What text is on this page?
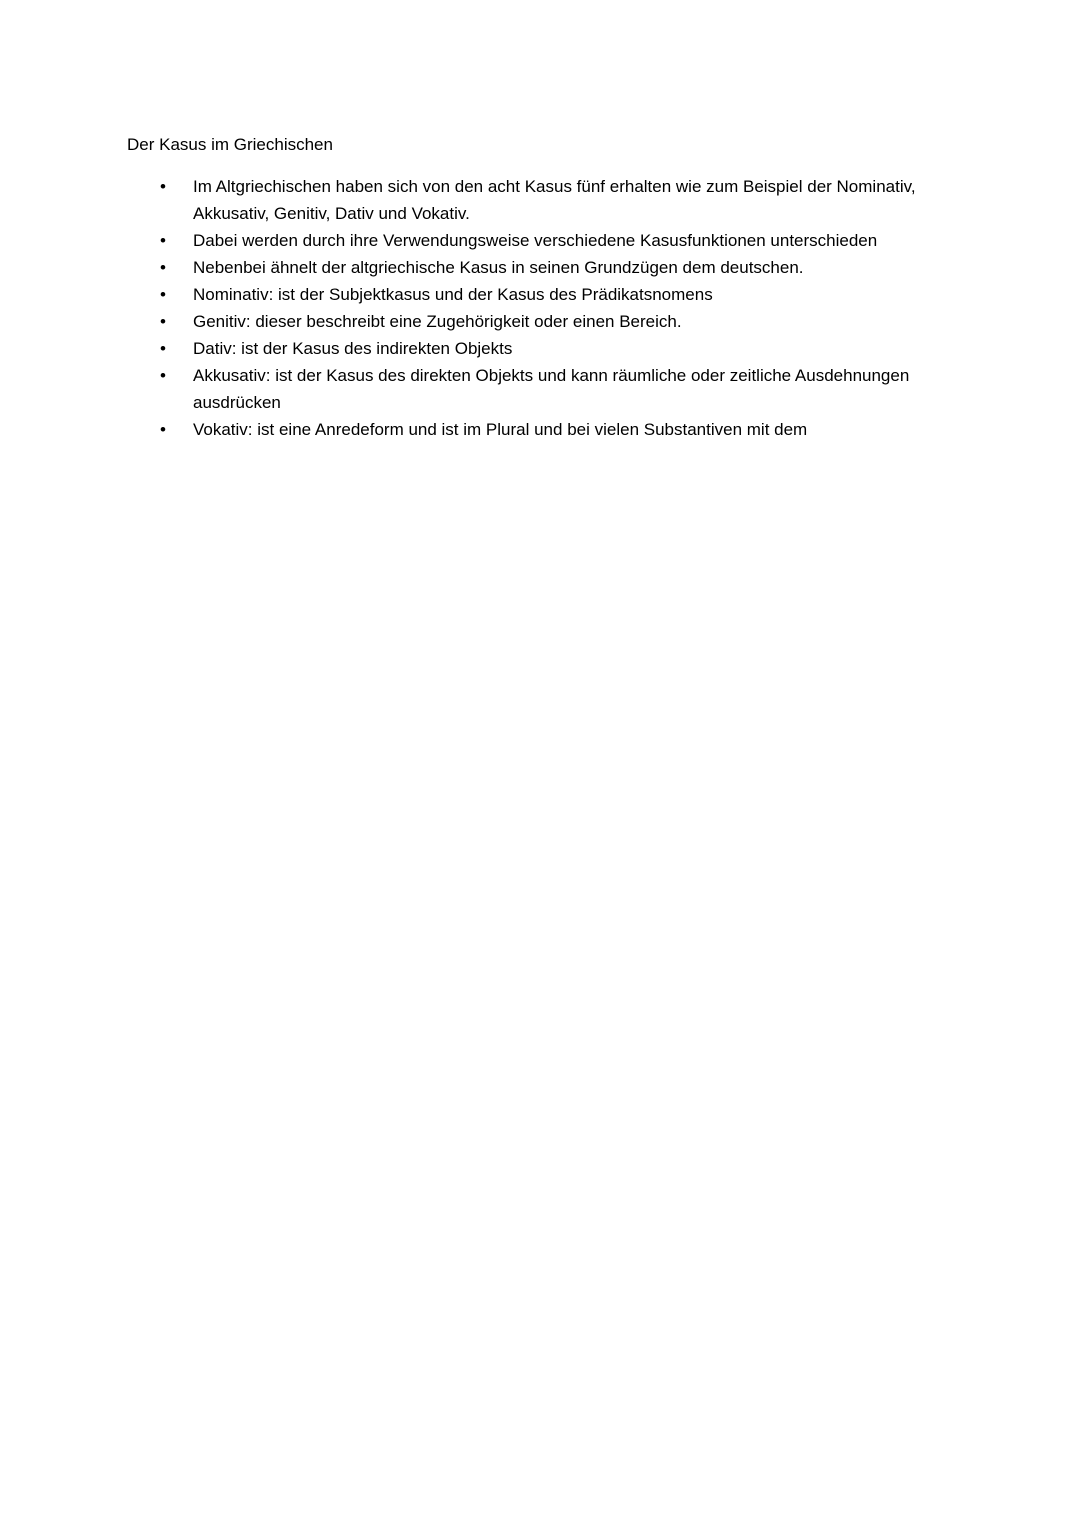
Der Kasus im Griechischen

•
Im Altgriechischen haben sich von den acht Kasus fünf erhalten wie zum Beispiel der Nominativ, Akkusativ, Genitiv, Dativ und Vokativ.
•
Dabei werden durch ihre Verwendungsweise verschiedene Kasusfunktionen unterschieden
•
Nebenbei ähnelt der altgriechische Kasus in seinen Grundzügen dem deutschen.
•
Nominativ: ist der Subjektkasus und der Kasus des Prädikatsnomens
•
Genitiv: dieser beschreibt eine Zugehörigkeit oder einen Bereich.
•
Dativ: ist der Kasus des indirekten Objekts
•
Akkusativ: ist der Kasus des direkten Objekts und kann räumliche oder zeitliche Ausdehnungen ausdrücken
•
Vokativ: ist eine Anredeform und ist im Plural und bei vielen Substantiven mit dem
